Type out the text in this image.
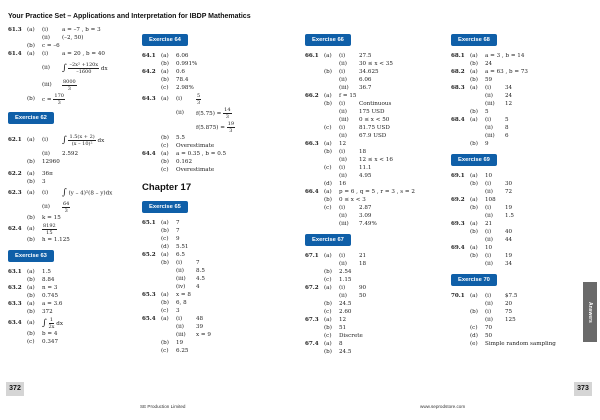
Your Practice Set – Applications and Interpretation for IBDP Mathematics
61.3 (a)	(i)	a = –7 , b = 3
(ii)	(–2, 50)
(b)	c = –6
61.4 (a)	(i)	a = 20 , b = 40
(ii)	∫ $\frac{\text{–2x² +120x}}{-1600}$ dx
(iii)	$\frac{8000}{3}$
(b)	$c = \frac{170}{3}$
Exercise 62
62.1 (a)	(i)	∫ $\frac{1.5(x + 2)}{\text{(x – 10)²}}$ dx
(ii)	2.592
(b)	12960
62.2 (a)	36π
(b)	3
62.3 (a)	(i)	∫ (y – 4)²(8 – y)dx
(ii)	$\frac{64}{3}$
(b)	k = 15
62.4 (a)	$\frac{8192}{15}$
(b)	h = 1.125
Exercise 63
63.1 (a)	1.5
(b)	8.84
63.2 (a)	n = 3
(b)	0.745
63.3 (a)	a = 3.6
(b)	372
63.4 (a) ∫ $\frac{1}{2x}$ dx
(b)	b = 4
(c)	0.347
Exercise 64
64.1 (a)	6.06
(b)	0.991%
64.2 (a)	0.6
(b)	78.4
(c)	2.98%
64.3 (a)	(i)	$\frac{5}{3}$
(ii)	$f(5.75) = \frac{14}{3}$
$f(5.875) = \frac{19}{3}$
(b)	5.5
(c)	Overestimate
64.4 (a)	a = 0.35 , b = 0.5
(b)	0.162
(c)	Overestimate
Chapter 17
Exercise 65
65.1 (a)	7
(b)	7
(c)	9
(d)	5.51
65.2 (a)	6.5
(b)	(i)	7
(ii)	8.5
(iii)	4.5
(iv)	4
65.3 (a)	x = 8
(b)	6, 8
(c)	3
65.4 (a)	(i)	48
(ii)	39
(iii)	x = 9
(b)	19
(c)	6.25
Exercise 66
66.1 (a)	(i)	27.5
(ii)	30 ≤ x < 35
(b)	(i)	34.625
(ii)	6.06
(iii)	36.7
66.2 (a)	f = 15
(b)	(i)	Continuous
(ii)	175 USD
(iii)	0 ≤ x < 50
(c)	(i)	81.75 USD
(ii)	67.9 USD
66.3 (a)	12
(b)	(i)	18
(ii)	12 ≤ x < 16
(c)	(i)	11.1
(ii)	4.95
(d)	16
66.4 (a)	p = 6 , q = 5 , r = 3 , s = 2
(b)	0 ≤ x < 3
(c)	(i)	2.87
(ii)	3.09
(iii)	7.49%
Exercise 67
67.1 (a)	(i)	21
(ii)	18
(b)	2.54
(c)	1.15
67.2 (a)	(i)	90
(ii)	50
(b)	24.5
(c)	2.60
67.3 (a)	12
(b)	51
(c)	Discrete
67.4 (a)	8
(b)	24.5
Exercise 68
68.1 (a)	a = 3 , b = 14
(b)	24
68.2 (a)	a = 63 , b = 73
(b)	59
68.3 (a)	(i)	34
(ii)	24
(iii)	12
(b)	5
68.4 (a)	(i)	5
(ii)	8
(iii)	6
(b)	9
Exercise 69
69.1 (a)	10
(b)	(i)	30
(ii)	72
69.2 (a)	108
(b)	(i)	19
(ii)	1.5
69.3 (a)	21
(b)	(i)	40
(ii)	44
69.4 (a)	10
(b)	(i)	19
(ii)	34
Exercise 70
70.1 (a)	(i)	$7.5
(ii)	20
(b)	(i)	75
(ii)	125
(c)	70
(d)	50
(e)	Simple random sampling
Answers
372	373
SE Production Limited	www.seprodstore.com
